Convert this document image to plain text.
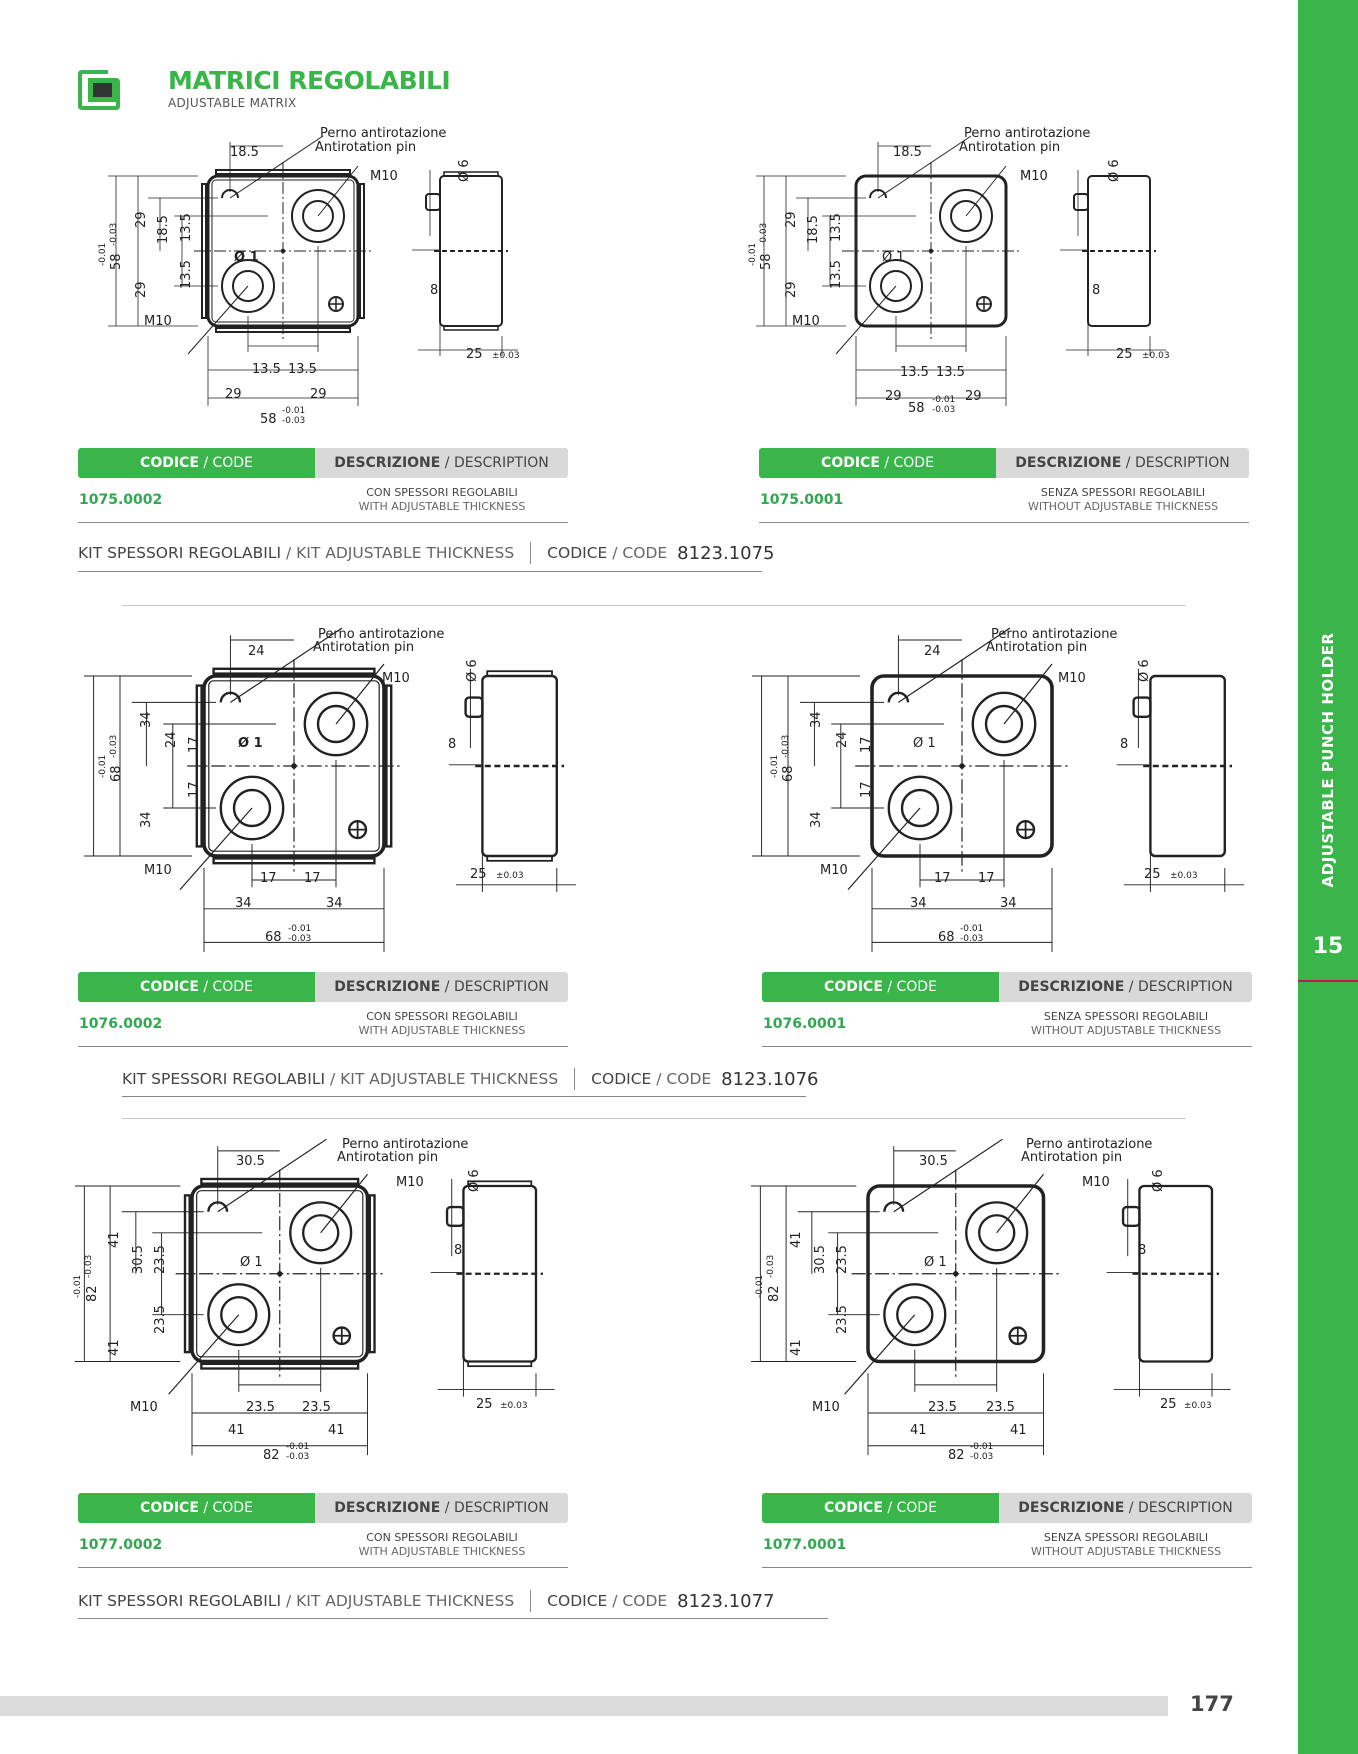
ADJUSTABLE PUNCH HOLDER
15
MATRICI REGOLABILI
ADJUSTABLE MATRIX
Perno antirotazione
Antirotation pin
18.5
M10
M10
Ø 1
8
29	29
13.5 13.5
58
-0.01
-0.03
25 ±0.03
58
-0.01
-0.03
29
29
18.5 13.5
13.5
Ø 6
Perno antirotazione
Antirotation pin
18.5
M10
M10
Ø 1
8
29	29
13.5 13.5
58
-0.01
-0.03
25 ±0.03
58
-0.01
-0.03
29
29
18.5 13.5
13.5
Ø 6
Perno antirotazione
Antirotation pin
24
M10
M10
Ø 1	8
34	34
17 17
68
-0.01
-0.03
25 ±0.03
68
-0.01
-0.03
34
34
24 17
17
Ø 6
Perno antirotazione
Antirotation pin
24
M10
M10
Ø 1	8
34	34
17 17
68
-0.01
-0.03
25 ±0.03
68
-0.01
-0.03
34
34
24 17
17
Ø 6
Perno antirotazione
Antirotation pin
30.5
M10
M10
Ø 1
8
41	41
23.5 23.5
82
-0.01
-0.03
25 ±0.03
82
-0.01
-0.03
41
41
30.5 23.5
23.5
Ø 6
Perno antirotazione
Antirotation pin
30.5
M10
M10
Ø 1
8
41	41
23.5 23.5
82
-0.01
-0.03
25 ±0.03
82
-0.01
-0.03
41
41
30.5 23.5
23.5
Ø 6
CODICE
/ CODE	DESCRIZIONE
/ DESCRIPTION
1075.0002	CON SPESSORI REGOLABILI
WITH ADJUSTABLE THICKNESS
CODICE
/ CODE	DESCRIZIONE
/ DESCRIPTION
1075.0001	SENZA SPESSORI REGOLABILI
WITHOUT ADJUSTABLE THICKNESS
CODICE
/ CODE	DESCRIZIONE
/ DESCRIPTION
1076.0002	CON SPESSORI REGOLABILI
WITH ADJUSTABLE THICKNESS
CODICE
/ CODE	DESCRIZIONE
/ DESCRIPTION
1076.0001	SENZA SPESSORI REGOLABILI
WITHOUT ADJUSTABLE THICKNESS
CODICE
/ CODE	DESCRIZIONE
/ DESCRIPTION
1077.0002	CON SPESSORI REGOLABILI
WITH ADJUSTABLE THICKNESS
CODICE
/ CODE	DESCRIZIONE
/ DESCRIPTION
1077.0001	SENZA SPESSORI REGOLABILI
WITHOUT ADJUSTABLE THICKNESS
KIT SPESSORI REGOLABILI
/ KIT ADJUSTABLE THICKNESS CODICE
/ CODE 8123.1075
KIT SPESSORI REGOLABILI
/ KIT ADJUSTABLE THICKNESS CODICE
/ CODE 8123.1076
KIT SPESSORI REGOLABILI
/ KIT ADJUSTABLE THICKNESS CODICE
/ CODE 8123.1077
177
